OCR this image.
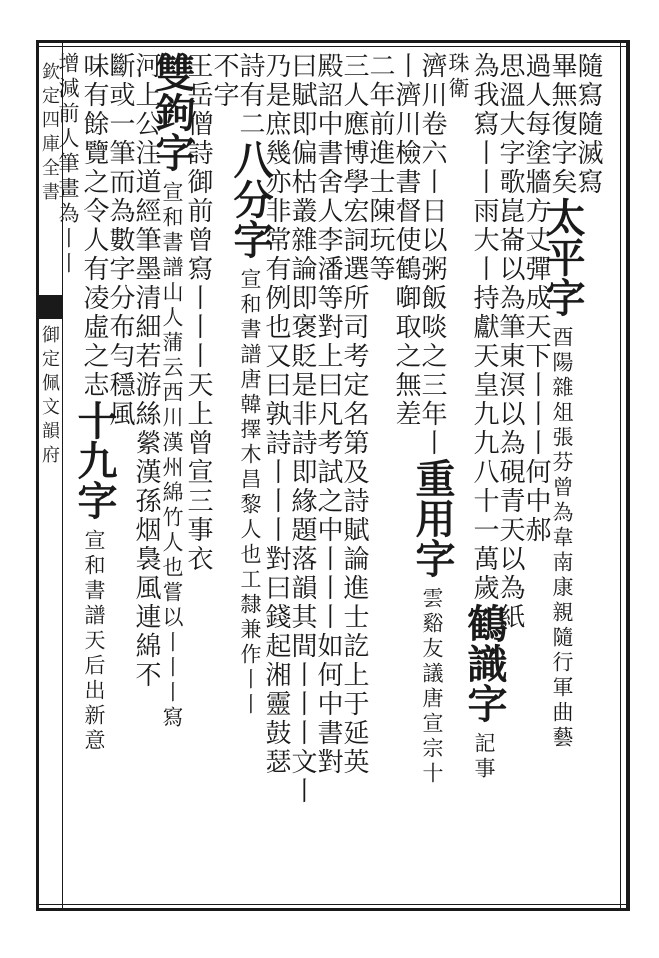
欽定四庫全書
御定佩文韻府
隨寫隨滅寫
畢無復字矣
太平字
酉陽雜俎張芬曾為韋南康親隨行軍曲藝
過人每塗牆方丈彈成天下丨丨丨何中郝
思溫大字歌崑崙以為筆東溟以為硯青天以為紙
為我寫丨丨雨大丨持獻天皇九九八十一萬歲
鶴識字
記事
珠衛
濟川卷六丨日以粥飯啖之三年丨
重用字
雲谿友議唐宣宗十
丨濟川檢書督使鶴啣取之無差
二年前進士陳玩等
三人應博學宏詞選所司考定名第及詩賦論進士訖上于延英
殿詔中書舍人李潘等對上曰凡考試之中丨丨丨如何中書對
曰賦即偏枯叢雜論即褒貶是非詩即緣題落韻其間丨丨丨文丨
乃是庶幾亦非常有例也又曰孰詩丨丨丨對曰錢起湘靈鼓瑟
詩有二
八分字
宣和書譜唐韓擇木昌黎人也工隸兼作丨丨
不字
王岳僧詩御前曾寫丨丨丨天上曾宣三事衣
雙鉤字
宣和書譜山人蒲云西川漢州綿竹人也嘗以丨丨丨寫
河上公注道經筆墨清細若游絲縈漢孫烟裊風連綿不
斷或一筆而為數字分布勻穩風
味有餘覽之令人有凌虛之志
十九字
宣和書譜天后出新意
增減前人筆畫為丨丨
